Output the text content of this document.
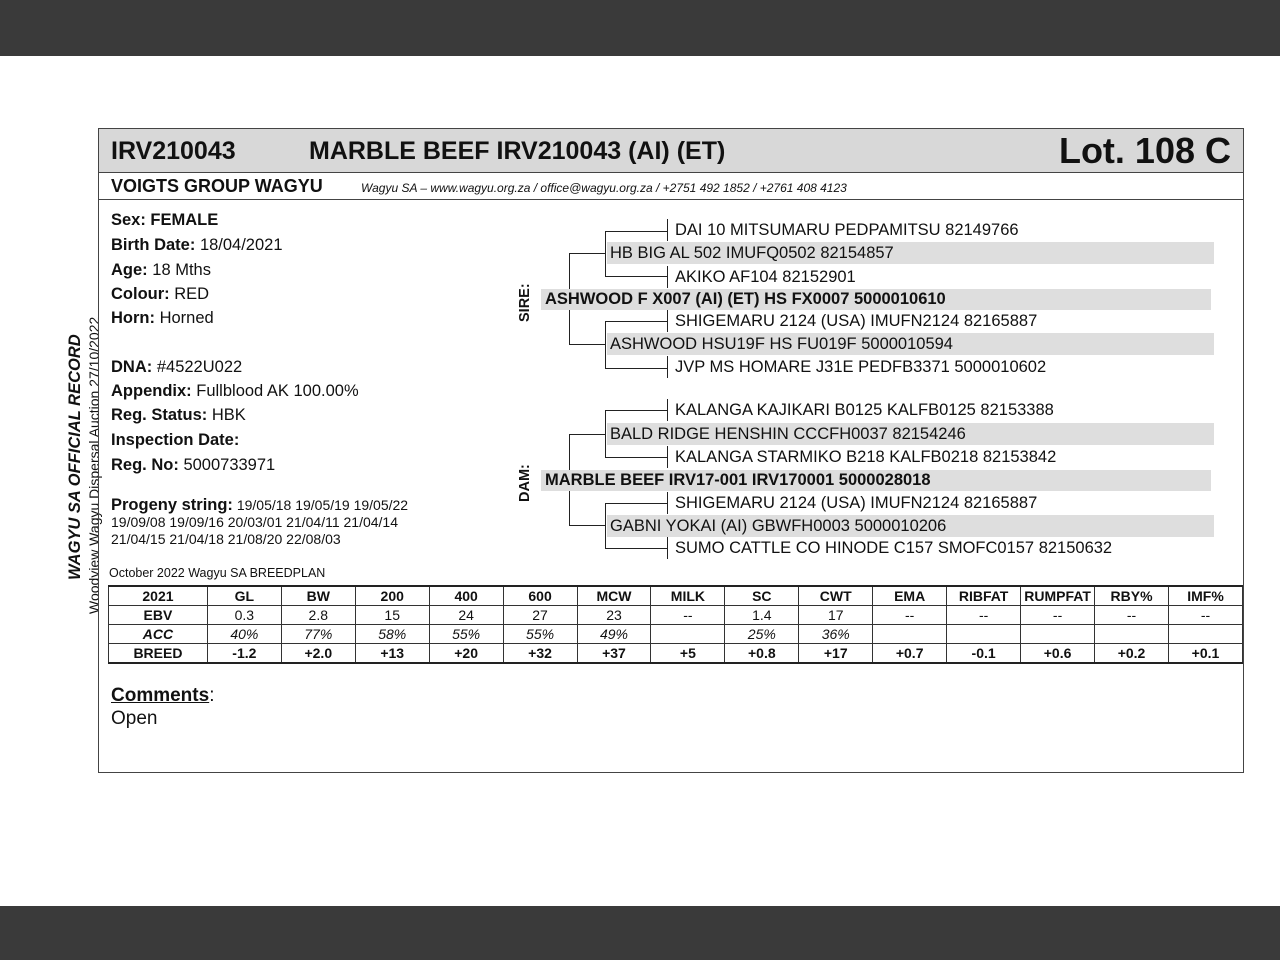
WAGYU SA OFFICIAL RECORD Woodview Wagyu Dispersal Auction 27/10/2022
IRV210043	MARBLE BEEF IRV210043 (AI) (ET)	Lot. 108 C
VOIGTS GROUP WAGYU	Wagyu SA – www.wagyu.org.za / office@wagyu.org.za / +2751 492 1852 / +2761 408 4123
Sex: FEMALE
Birth Date: 18/04/2021
Age: 18 Mths
Colour: RED
Horn: Horned
DNA: #4522U022
Appendix: Fullblood AK 100.00%
Reg. Status: HBK
Inspection Date:
Reg. No: 5000733971
Progeny string: 19/05/18 19/05/19 19/05/22
19/09/08 19/09/16 20/03/01 21/04/11 21/04/14
21/04/15 21/04/18 21/08/20 22/08/03
SIRE:
DAM:
DAI 10 MITSUMARU PEDPAMITSU 82149766
HB BIG AL 502 IMUFQ0502 82154857
AKIKO AF104 82152901
ASHWOOD F X007 (AI) (ET) HS FX0007 5000010610
SHIGEMARU 2124 (USA) IMUFN2124 82165887
ASHWOOD HSU19F HS FU019F 5000010594
JVP MS HOMARE J31E PEDFB3371 5000010602
KALANGA KAJIKARI B0125 KALFB0125 82153388
BALD RIDGE HENSHIN CCCFH0037 82154246
KALANGA STARMIKO B218 KALFB0218 82153842
MARBLE BEEF IRV17-001 IRV170001 5000028018
SHIGEMARU 2124 (USA) IMUFN2124 82165887
GABNI YOKAI (AI) GBWFH0003 5000010206
SUMO CATTLE CO HINODE C157 SMOFC0157 82150632
October 2022 Wagyu SA BREEDPLAN
2021	GL	BW	200	400	600	MCW	MILK	SC	CWT	EMA	RIBFAT	RUMPFAT	RBY%	IMF%
EBV	0.3	2.8	15	24	27	23	--	1.4	17	--	--	--	--	--
ACC	40%	77%	58%	55%	55%	49%		25%	36%					
BREED	-1.2	+2.0	+13	+20	+32	+37	+5	+0.8	+17	+0.7	-0.1	+0.6	+0.2	+0.1
Comments:
Open
